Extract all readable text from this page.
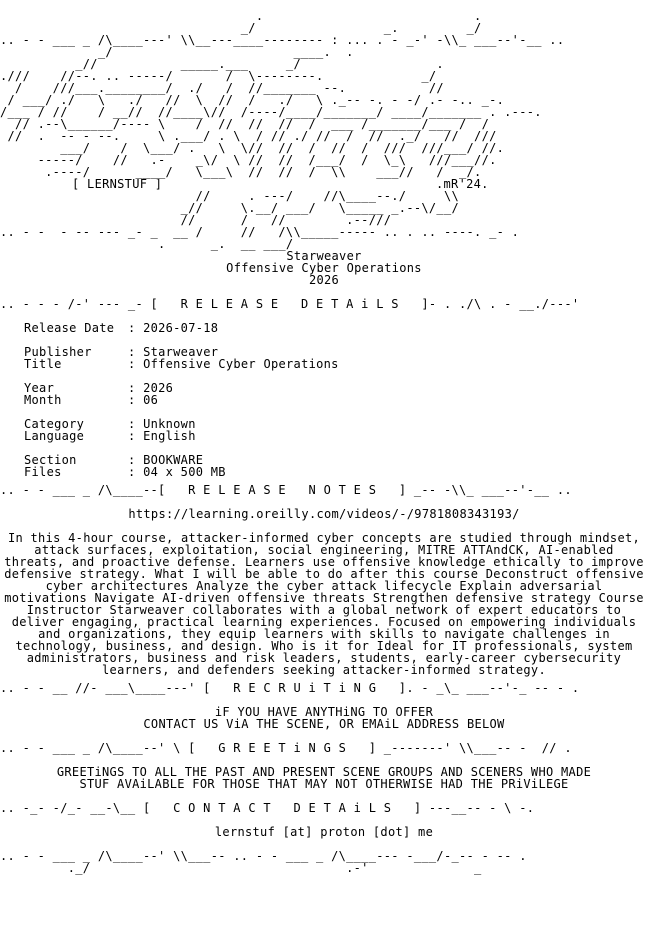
.                            .
_/                 _.         _/
.. - - ___ _ /\____---' \\__---____-------- : ... . - _-' -\\_ ___--'-__ ..
_/                        ____.  .
_//           _____.___     _/                  .
.///    //--. .. -----/       /  \--------.             _/
/    ///___.________/  ./   /  //_______ --.           //
/ ___/ ./   \   ./   //  \  //  /   ./   \ ._-- -. - -/ .- -.. _-.
/___ / //    / __//  //____\//  /----/____/_______/ ____/_______ . .---.
// .--\______/---- \    /  //  //  //  /  ___ /_______/___ /  /
//  .  -- - --.     \ .___/ . \  / // ./ //  /  //  ._/   //  ///
___/    /  \___/ .   \  \//  //  /  //  /  ///  ///___/ //.
-----/    //   .-    _\/  \ //  //  /___/  /  \_\   ///___//.
.----/      ____/   \___\  //  //  /  \\    ___//   /  _/.
[ LERNSTUF ]	.mR'24.
//     . ---/    //\____--./     \\
_//     \.__/ ___/   \_____ _.--\/__/
//      /   //        .--///
.. - -  - -- --- _- _  __ /     //   /\\_____----- .. . .. ----. _- .
.      _.  __ ___/
Starweaver
Offensive Cyber Operations
2026
.. - - - /-' --- _- [ R E L E A S E   D E T A i L S ]- . ./\ . - __./---'
Release Date	: 2026-07-18
Publisher	: Starweaver
Title	: Offensive Cyber Operations
Year	: 2026
Month	: 06
Category	: Unknown
Language	: English
Section	: BOOKWARE
Files	: 04 x 500 MB
.. - - ___ _ /\____--[ R E L E A S E   N O T E S ] _-- -\\_ ___--'-__ ..
https://learning.oreilly.com/videos/-/9781808343193/
In this 4-hour course, attacker-informed cyber concepts are studied through mindset, attack surfaces, exploitation, social engineering, MITRE ATTAndCK, AI-enabled threats, and proactive defense. Learners use offensive knowledge ethically to improve defensive strategy. What I will be able to do after this course Deconstruct offensive cyber architectures Analyze the cyber attack lifecycle Explain adversarial motivations Navigate AI-driven offensive threats Strengthen defensive strategy Course Instructor Starweaver collaborates with a global network of expert educators to deliver engaging, practical learning experiences. Focused on empowering individuals and organizations, they equip learners with skills to navigate challenges in technology, business, and design. Who is it for Ideal for IT professionals, system administrators, business and risk leaders, students, early-career cybersecurity learners, and defenders seeking attacker-informed strategy.
.. - - __ //- ___\____---' [ R E C R U i T i N G ]. - _\_ ___--'-_ -- - .
iF YOU HAVE ANYTHiNG TO OFFER
CONTACT US ViA THE SCENE, OR EMAiL ADDRESS BELOW
.. - - ___ _ /\____--' \ [ G R E E T i N G S ] _-------' \\___-- -  // .
GREETiNGS TO ALL THE PAST AND PRESENT SCENE GROUPS AND SCENERS WHO MADE
STUF AVAiLABLE FOR THOSE THAT MAY NOT OTHERWISE HAD THE PRiViLEGE
.. -_- -/_- __-\__ [ C O N T A C T   D E T A i L S ] ---__-- - \ -.
lernstuf [at] proton [dot] me
.. - - ___ _ /\____--' \\___-- .. - - ___ _ /\____--- -___/-_-- - -- .
._/                                  .-'              _
